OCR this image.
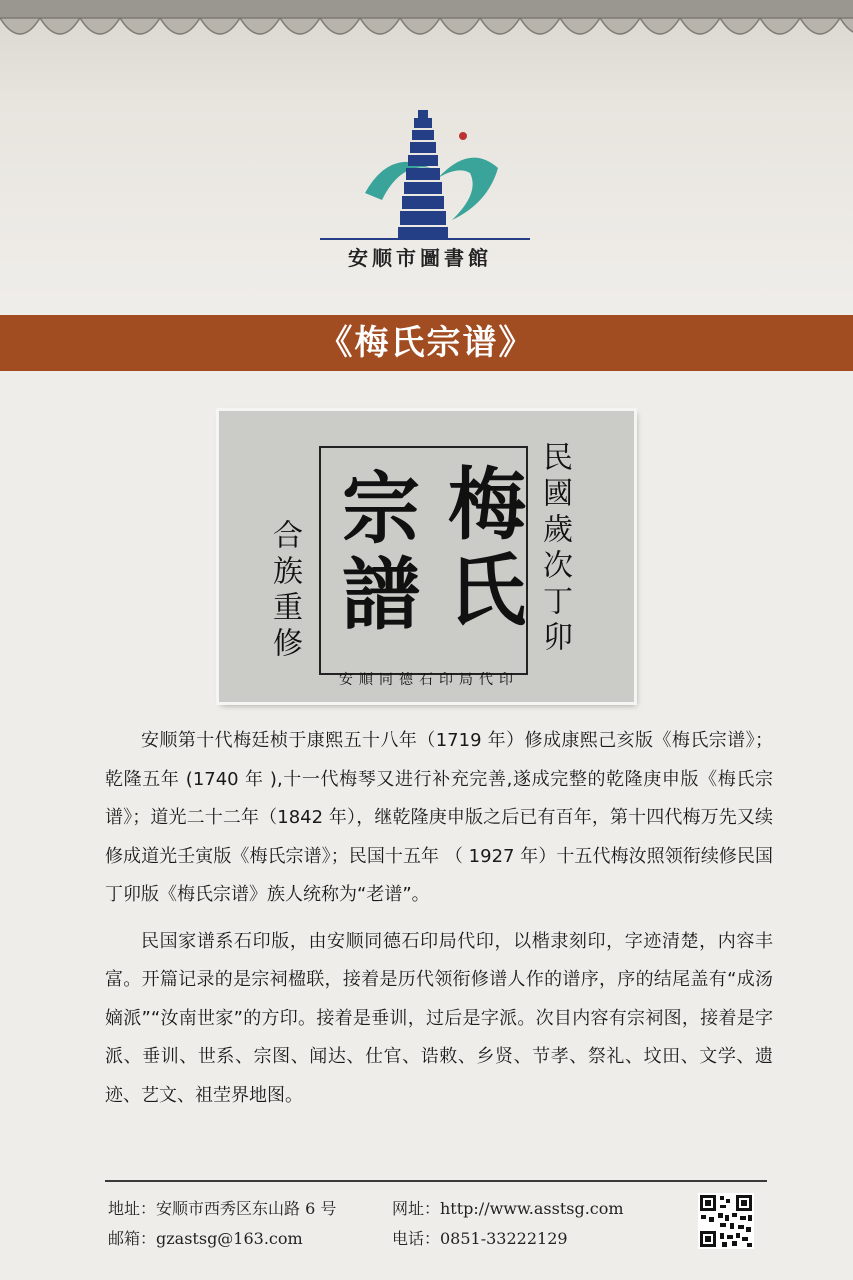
安顺市圖書館
《梅氏宗谱》
梅氏
宗譜	民國歲次丁卯
合族重修
安順同德石印局代印

安顺第十代梅廷桢于康熙五十八年（1719 年）修成康熙己亥版《梅氏宗谱》；乾隆五年 (1740 年 ),十一代梅琴又进行补充完善,遂成完整的乾隆庚申版《梅氏宗谱》；道光二十二年（1842 年），继乾隆庚申版之后已有百年，第十四代梅万先又续修成道光壬寅版《梅氏宗谱》；民国十五年 （ 1927 年）十五代梅汝照领衔续修民国丁卯版《梅氏宗谱》族人统称为“老谱”。

民国家谱系石印版，由安顺同德石印局代印，以楷隶刻印，字迹清楚，内容丰富。开篇记录的是宗祠楹联，接着是历代领衔修谱人作的谱序，序的结尾盖有“成汤嫡派”“汝南世家”的方印。接着是垂训，过后是字派。次目内容有宗祠图，接着是字派、垂训、世系、宗图、闻达、仕官、诰敕、乡贤、节孝、祭礼、坟田、文学、遗迹、艺文、祖茔界地图。

地址：安顺市西秀区东山路 6 号	网址：http://www.asstsg.com
邮箱：gzastsg@163.com	电话：0851-33222129
